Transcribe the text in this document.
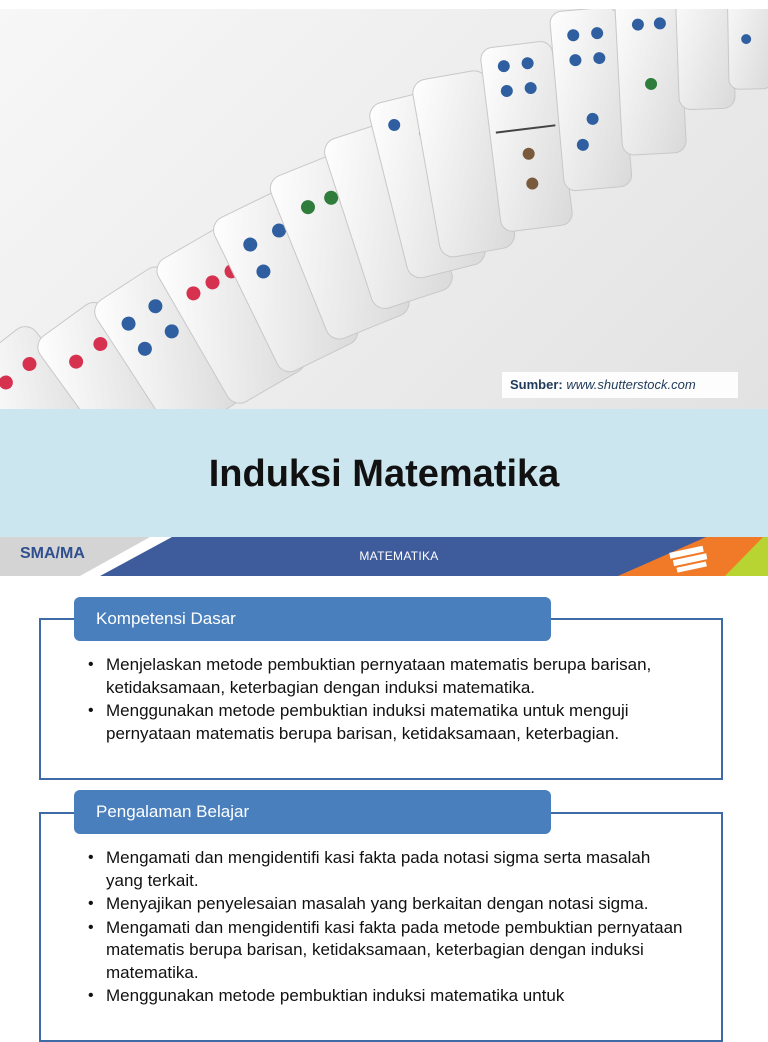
Sumber: www.shutterstock.com
Induksi Matematika
SMA/MA	MATEMATIKA
Kompetensi Dasar
• Menjelaskan metode pembuktian pernyataan matematis berupa barisan, ketidaksamaan, keterbagian dengan induksi matematika.
• Menggunakan metode pembuktian induksi matematika untuk menguji pernyataan matematis berupa barisan, ketidaksamaan, keterbagian.
Pengalaman Belajar
• Mengamati dan mengidentifi kasi fakta pada notasi sigma serta masalah yang terkait.
• Menyajikan penyelesaian masalah yang berkaitan dengan notasi sigma.
• Mengamati dan mengidentifi kasi fakta pada metode pembuktian pernyataan matematis berupa barisan, ketidaksamaan, keterbagian dengan induksi matematika.
• Menggunakan metode pembuktian induksi matematika untuk
